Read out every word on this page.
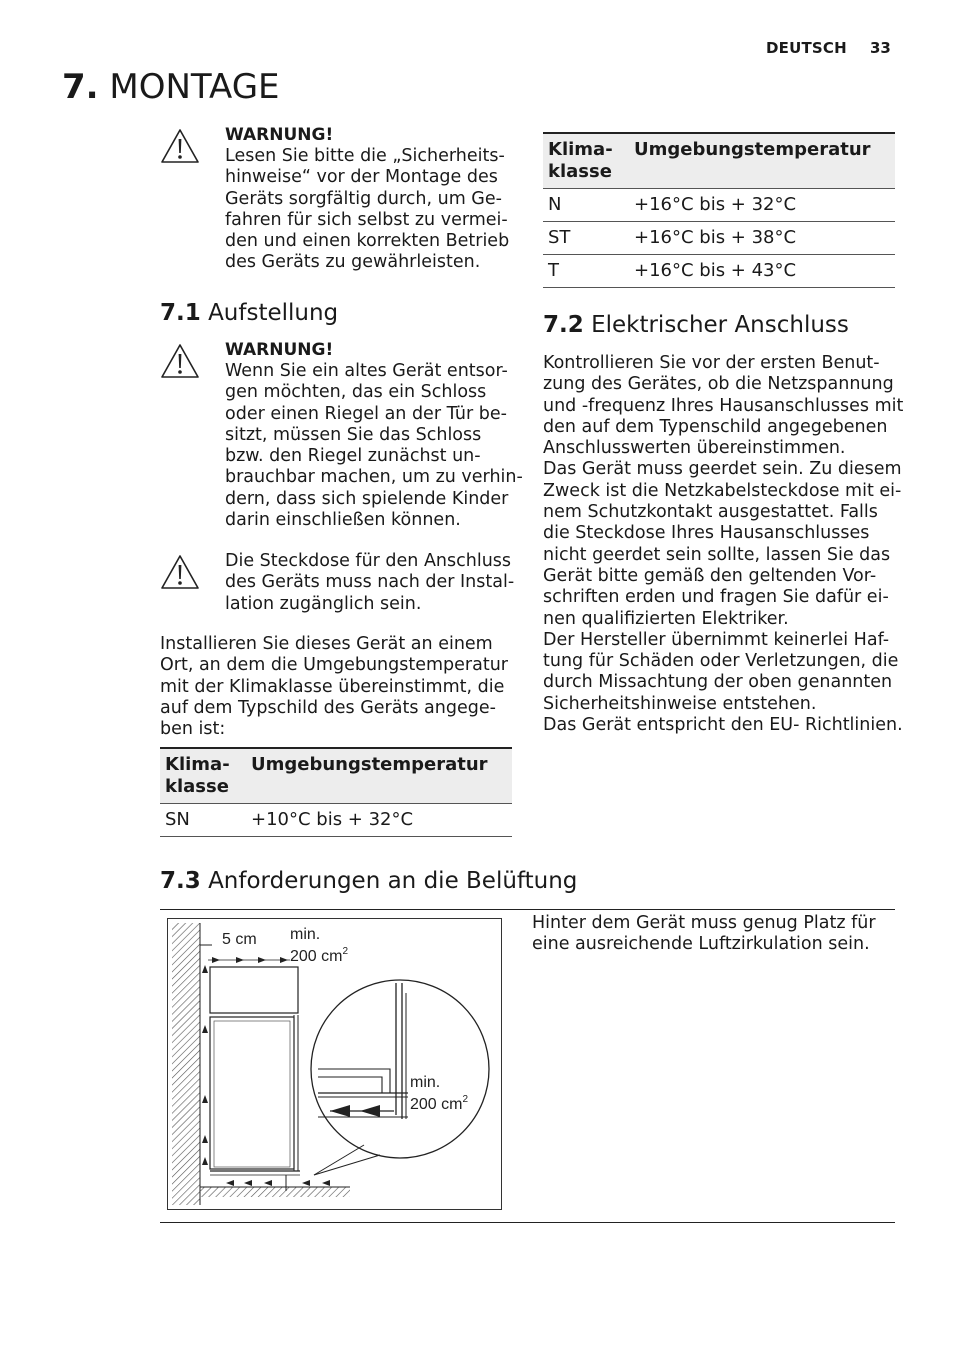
DEUTSCH 33
7. MONTAGE

WARNUNG!

Lesen Sie bitte die „Sicherheits-

hinweise“ vor der Montage des

Geräts sorgfältig durch, um Ge-

fahren für sich selbst zu vermei-

den und einen korrekten Betrieb

des Geräts zu gewährleisten.

7.1 Aufstellung

WARNUNG!

Wenn Sie ein altes Gerät entsor-

gen möchten, das ein Schloss

oder einen Riegel an der Tür be-

sitzt, müssen Sie das Schloss

bzw. den Riegel zunächst un-

brauchbar machen, um zu verhin-

dern, dass sich spielende Kinder

darin einschließen können.

Die Steckdose für den Anschluss

des Geräts muss nach der Instal-

lation zugänglich sein.

Installieren Sie dieses Gerät an einem

Ort, an dem die Umgebungstemperatur

mit der Klimaklasse übereinstimmt, die

auf dem Typschild des Geräts angege-

ben ist:

Klima-
klasse	Umgebungstemperatur
SN	+10°C bis + 32°C
Klima-
klasse	Umgebungstemperatur
N	+16°C bis + 32°C
ST	+16°C bis + 38°C
T	+16°C bis + 43°C
7.2 Elektrischer Anschluss

Kontrollieren Sie vor der ersten Benut-

zung des Gerätes, ob die Netzspannung

und -frequenz Ihres Hausanschlusses mit

den auf dem Typenschild angegebenen

Anschlusswerten übereinstimmen.

Das Gerät muss geerdet sein. Zu diesem

Zweck ist die Netzkabelsteckdose mit ei-

nem Schutzkontakt ausgestattet. Falls

die Steckdose Ihres Hausanschlusses

nicht geerdet sein sollte, lassen Sie das

Gerät bitte gemäß den geltenden Vor-

schriften erden und fragen Sie dafür ei-

nen qualifizierten Elektriker.

Der Hersteller übernimmt keinerlei Haf-

tung für Schäden oder Verletzungen, die

durch Missachtung der oben genannten

Sicherheitshinweise entstehen.

Das Gerät entspricht den EU- Richtlinien.

7.3 Anforderungen an die Belüftung

Hinter dem Gerät muss genug Platz für

eine ausreichende Luftzirkulation sein.

5 cm min.
200 $cm^2$
min.
200 $cm^2$
